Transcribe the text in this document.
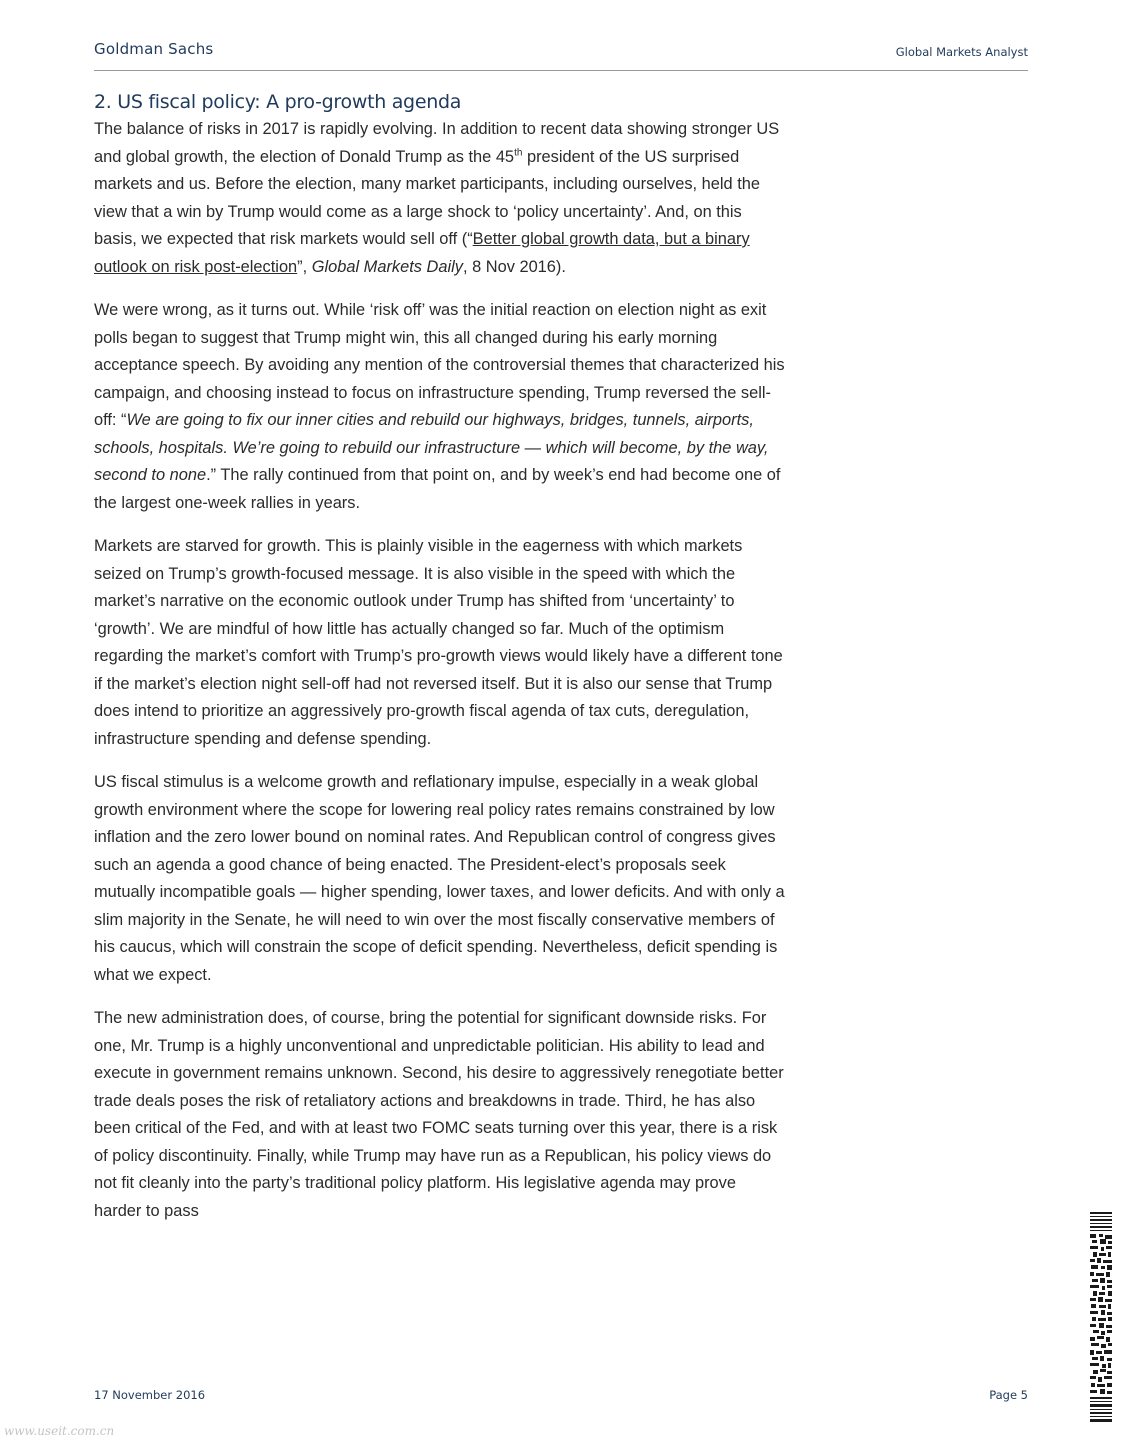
Goldman Sachs	Global Markets Analyst
2. US fiscal policy: A pro-growth agenda

The balance of risks in 2017 is rapidly evolving. In addition to recent data showing stronger US and global growth, the election of Donald Trump as the 45th president of the US surprised markets and us. Before the election, many market participants, including ourselves, held the view that a win by Trump would come as a large shock to ‘policy uncertainty’. And, on this basis, we expected that risk markets would sell off (“Better global growth data, but a binary outlook on risk post-election”, Global Markets Daily, 8 Nov 2016).

We were wrong, as it turns out. While ‘risk off’ was the initial reaction on election night as exit polls began to suggest that Trump might win, this all changed during his early morning acceptance speech. By avoiding any mention of the controversial themes that characterized his campaign, and choosing instead to focus on infrastructure spending, Trump reversed the sell-off: “We are going to fix our inner cities and rebuild our highways, bridges, tunnels, airports, schools, hospitals. We’re going to rebuild our infrastructure — which will become, by the way, second to none.” The rally continued from that point on, and by week’s end had become one of the largest one-week rallies in years.

Markets are starved for growth. This is plainly visible in the eagerness with which markets seized on Trump’s growth-focused message. It is also visible in the speed with which the market’s narrative on the economic outlook under Trump has shifted from ‘uncertainty’ to ‘growth’. We are mindful of how little has actually changed so far. Much of the optimism regarding the market’s comfort with Trump’s pro-growth views would likely have a different tone if the market’s election night sell-off had not reversed itself. But it is also our sense that Trump does intend to prioritize an aggressively pro-growth fiscal agenda of tax cuts, deregulation, infrastructure spending and defense spending.

US fiscal stimulus is a welcome growth and reflationary impulse, especially in a weak global growth environment where the scope for lowering real policy rates remains constrained by low inflation and the zero lower bound on nominal rates. And Republican control of congress gives such an agenda a good chance of being enacted. The President-elect’s proposals seek mutually incompatible goals — higher spending, lower taxes, and lower deficits. And with only a slim majority in the Senate, he will need to win over the most fiscally conservative members of his caucus, which will constrain the scope of deficit spending. Nevertheless, deficit spending is what we expect.

The new administration does, of course, bring the potential for significant downside risks. For one, Mr. Trump is a highly unconventional and unpredictable politician. His ability to lead and execute in government remains unknown. Second, his desire to aggressively renegotiate better trade deals poses the risk of retaliatory actions and breakdowns in trade. Third, he has also been critical of the Fed, and with at least two FOMC seats turning over this year, there is a risk of policy discontinuity. Finally, while Trump may have run as a Republican, his policy views do not fit cleanly into the party’s traditional policy platform. His legislative agenda may prove harder to pass

17 November 2016	Page 5
www.useit.com.cn
